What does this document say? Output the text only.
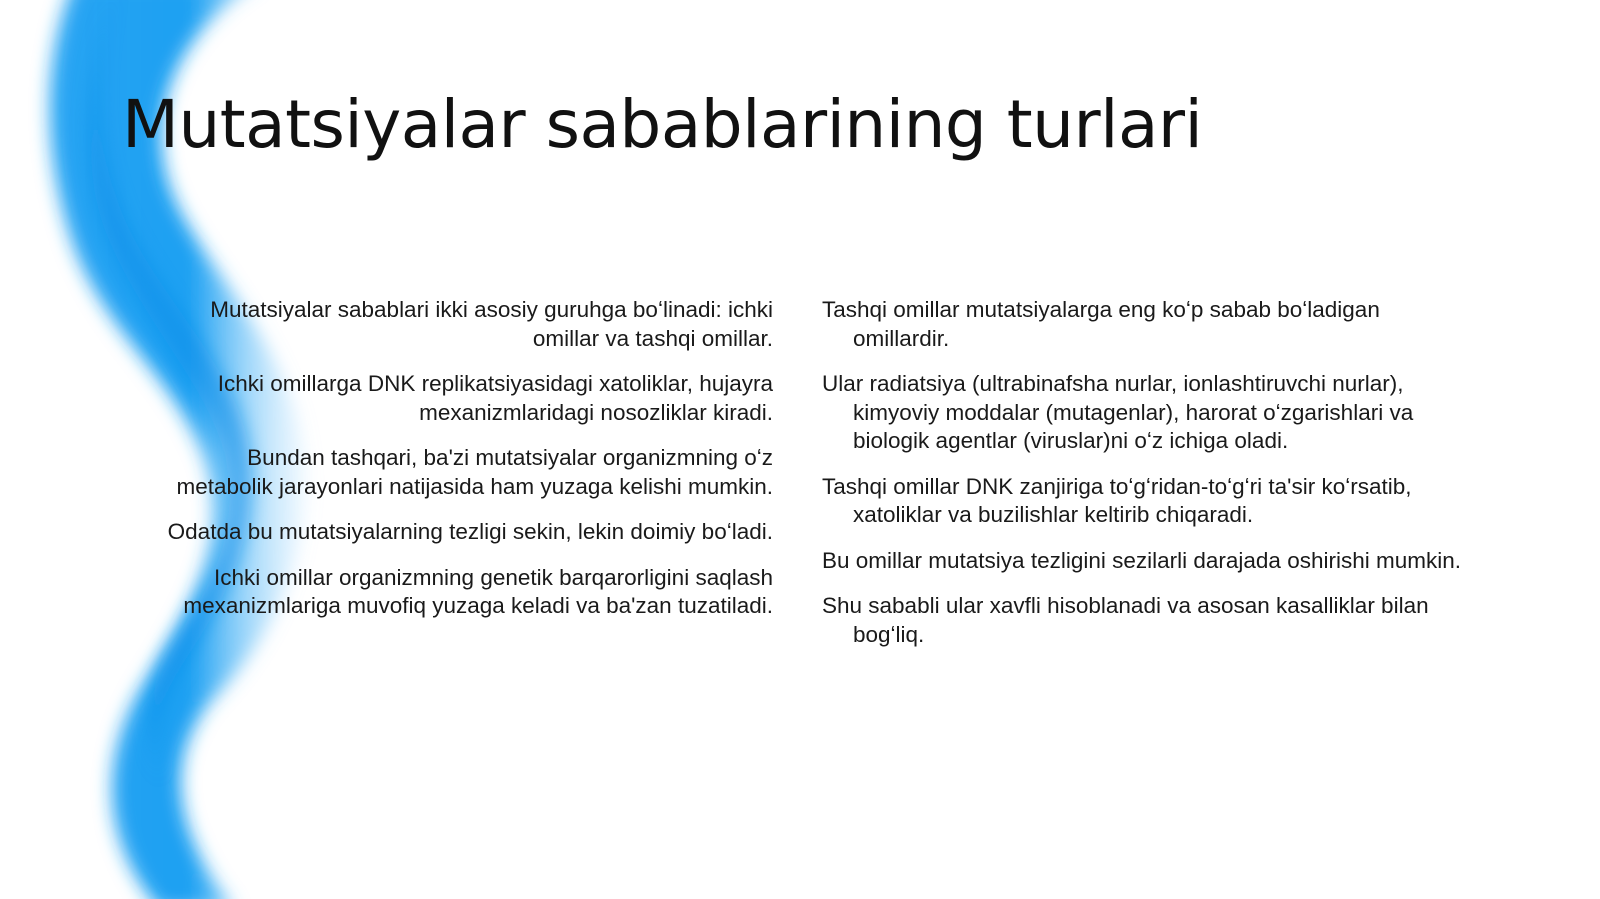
Mutatsiyalar sabablarining turlari
Mutatsiyalar sabablari ikki asosiy guruhga boʻlinadi: ichki omillar va tashqi omillar.
Ichki omillarga DNK replikatsiyasidagi xatoliklar, hujayra mexanizmlaridagi nosozliklar kiradi.
Bundan tashqari, ba'zi mutatsiyalar organizmning oʻz metabolik jarayonlari natijasida ham yuzaga kelishi mumkin.
Odatda bu mutatsiyalarning tezligi sekin, lekin doimiy boʻladi.
Ichki omillar organizmning genetik barqarorligini saqlash mexanizmlariga muvofiq yuzaga keladi va ba'zan tuzatiladi.
Tashqi omillar mutatsiyalarga eng koʻp sabab boʻladigan omillardir.
Ular radiatsiya (ultrabinafsha nurlar, ionlashtiruvchi nurlar), kimyoviy moddalar (mutagenlar), harorat oʻzgarishlari va biologik agentlar (viruslar)ni oʻz ichiga oladi.
Tashqi omillar DNK zanjiriga toʻgʻridan-toʻgʻri ta'sir koʻrsatib, xatoliklar va buzilishlar keltirib chiqaradi.
Bu omillar mutatsiya tezligini sezilarli darajada oshirishi mumkin.
Shu sababli ular xavfli hisoblanadi va asosan kasalliklar bilan bogʻliq.
